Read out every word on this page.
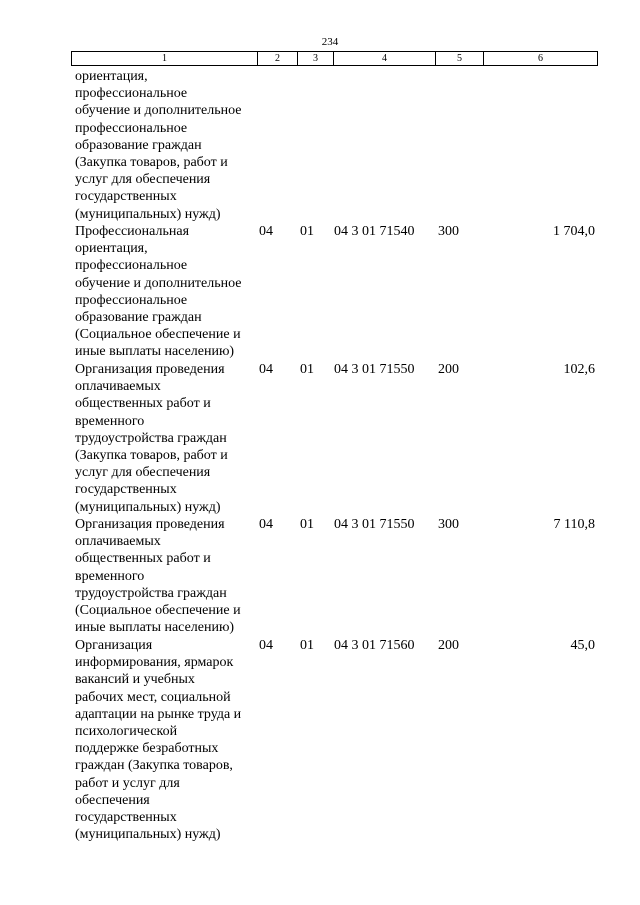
234
1	2	3	4	5	6
ориентация,
профессиональное
обучение и дополнительное
профессиональное
образование граждан
(Закупка товаров, работ и
услуг для обеспечения
государственных
(муниципальных) нужд)
Профессиональная
ориентация,
профессиональное
обучение и дополнительное
профессиональное
образование граждан
(Социальное обеспечение и
иные выплаты населению)
04	01	04 3 01 71540	300	1 704,0
Организация проведения
оплачиваемых
общественных работ и
временного
трудоустройства граждан
(Закупка товаров, работ и
услуг для обеспечения
государственных
(муниципальных) нужд)
04	01	04 3 01 71550	200	102,6
Организация проведения
оплачиваемых
общественных работ и
временного
трудоустройства граждан
(Социальное обеспечение и
иные выплаты населению)
04	01	04 3 01 71550	300	7 110,8
Организация
информирования, ярмарок
вакансий и учебных
рабочих мест, социальной
адаптации на рынке труда и
психологической
поддержке безработных
граждан (Закупка товаров,
работ и услуг для
обеспечения
государственных
(муниципальных) нужд)
04	01	04 3 01 71560	200	45,0
